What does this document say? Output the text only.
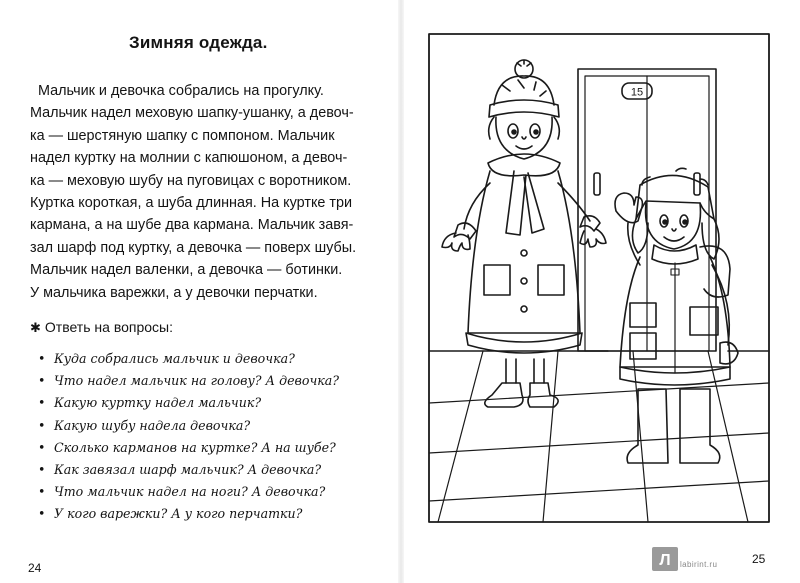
Зимняя одежда.
Мальчик и девочка собрались на прогулку.
Мальчик надел меховую шапку-ушанку, а девоч-
ка — шерстяную шапку с помпоном. Мальчик
надел куртку на молнии с капюшоном, а девоч-
ка — меховую шубу на пуговицах с воротником.
Куртка короткая, а шуба длинная. На куртке три
кармана, а на шубе два кармана. Мальчик завя-
зал шарф под куртку, а девочка — поверх шубы.
Мальчик надел валенки, а девочка — ботинки.
У мальчика варежки, а у девочки перчатки.
✱ Ответь на вопросы:
• Куда собрались мальчик и девочка?
• Что надел мальчик на голову? А девочка?
• Какую куртку надел мальчик?
• Какую шубу надела девочка?
• Сколько карманов на куртке? А на шубе?
• Как завязал шарф мальчик? А девочка?
• Что мальчик надел на ноги? А девочка?
• У кого варежки? А у кого перчатки?
24
15
25
Л labirint.ru
